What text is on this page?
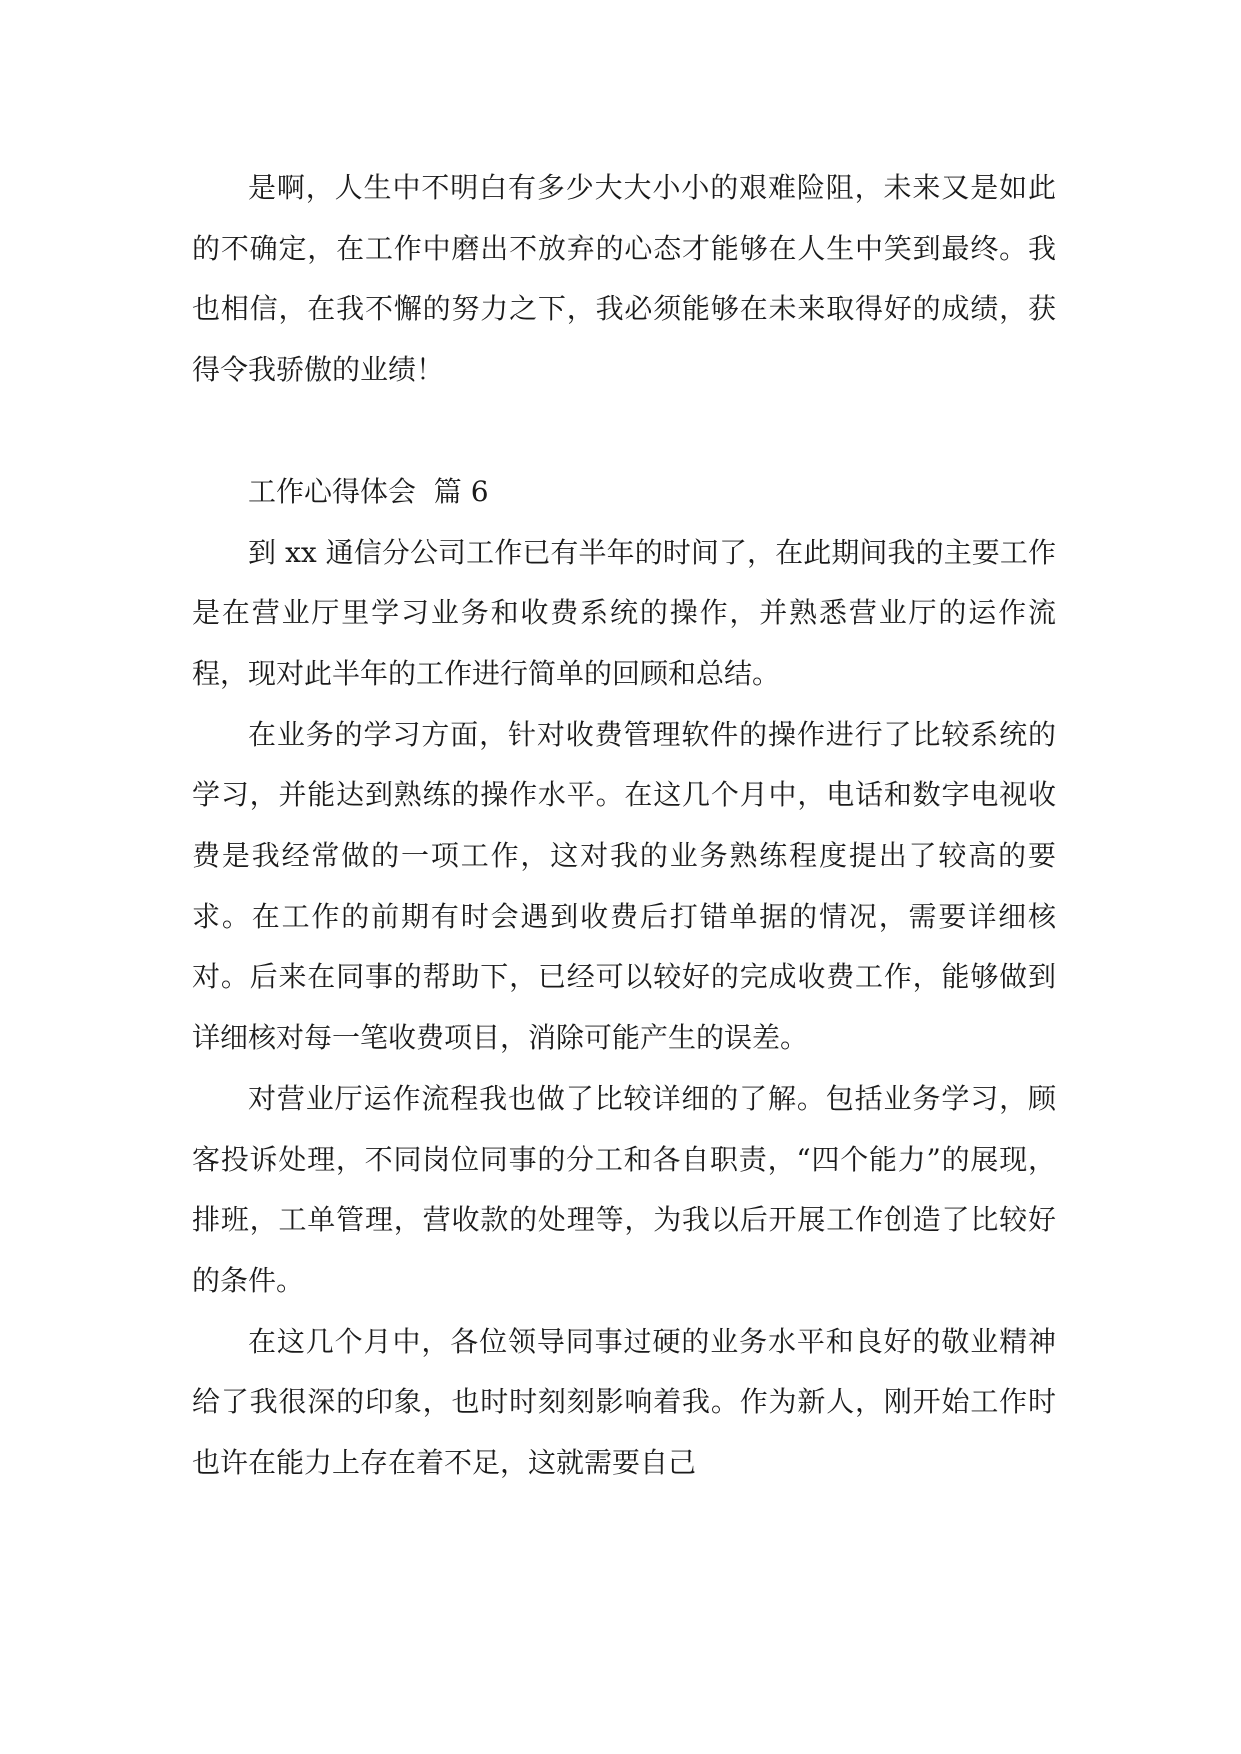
是啊，人生中不明白有多少大大小小的艰难险阻，未来又是如此的不确定，在工作中磨出不放弃的心态才能够在人生中笑到最终。我也相信，在我不懈的努力之下，我必须能够在未来取得好的成绩，获得令我骄傲的业绩！

工作心得体会  篇 6

到 xx 通信分公司工作已有半年的时间了，在此期间我的主要工作是在营业厅里学习业务和收费系统的操作，并熟悉营业厅的运作流程，现对此半年的工作进行简单的回顾和总结。

在业务的学习方面，针对收费管理软件的操作进行了比较系统的学习，并能达到熟练的操作水平。在这几个月中，电话和数字电视收费是我经常做的一项工作，这对我的业务熟练程度提出了较高的要求。在工作的前期有时会遇到收费后打错单据的情况，需要详细核对。后来在同事的帮助下，已经可以较好的完成收费工作，能够做到详细核对每一笔收费项目，消除可能产生的误差。

对营业厅运作流程我也做了比较详细的了解。包括业务学习，顾客投诉处理，不同岗位同事的分工和各自职责，“四个能力”的展现，排班，工单管理，营收款的处理等，为我以后开展工作创造了比较好的条件。

在这几个月中，各位领导同事过硬的业务水平和良好的敬业精神给了我很深的印象，也时时刻刻影响着我。作为新人，刚开始工作时也许在能力上存在着不足，这就需要自己
